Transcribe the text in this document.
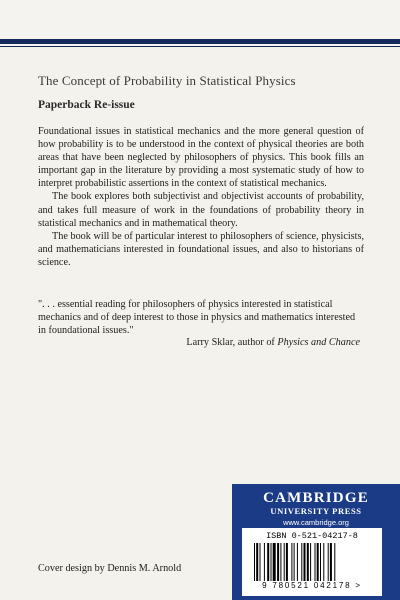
The Concept of Probability in Statistical Physics
Paperback Re-issue

Foundational issues in statistical mechanics and the more general question of how probability is to be understood in the context of physical theories are both areas that have been neglected by philosophers of physics. This book fills an important gap in the literature by providing a most systematic study of how to interpret probabilistic assertions in the context of statistical mechanics.

The book explores both subjectivist and objectivist accounts of probability, and takes full measure of work in the foundations of probability theory in statistical mechanics and in mathematical theory.

The book will be of particular interest to philosophers of science, physicists, and mathematicians interested in foundational issues, and also to historians of science.

". . . essential reading for philosophers of physics interested in statistical mechanics and of deep interest to those in physics and mathematics interested in foundational issues."

Larry Sklar, author of Physics and Chance
Cover design by Dennis M. Arnold
CAMBRIDGE
UNIVERSITY PRESS
www.cambridge.org
ISBN 0-521-04217-8
9 780521 042178 >
